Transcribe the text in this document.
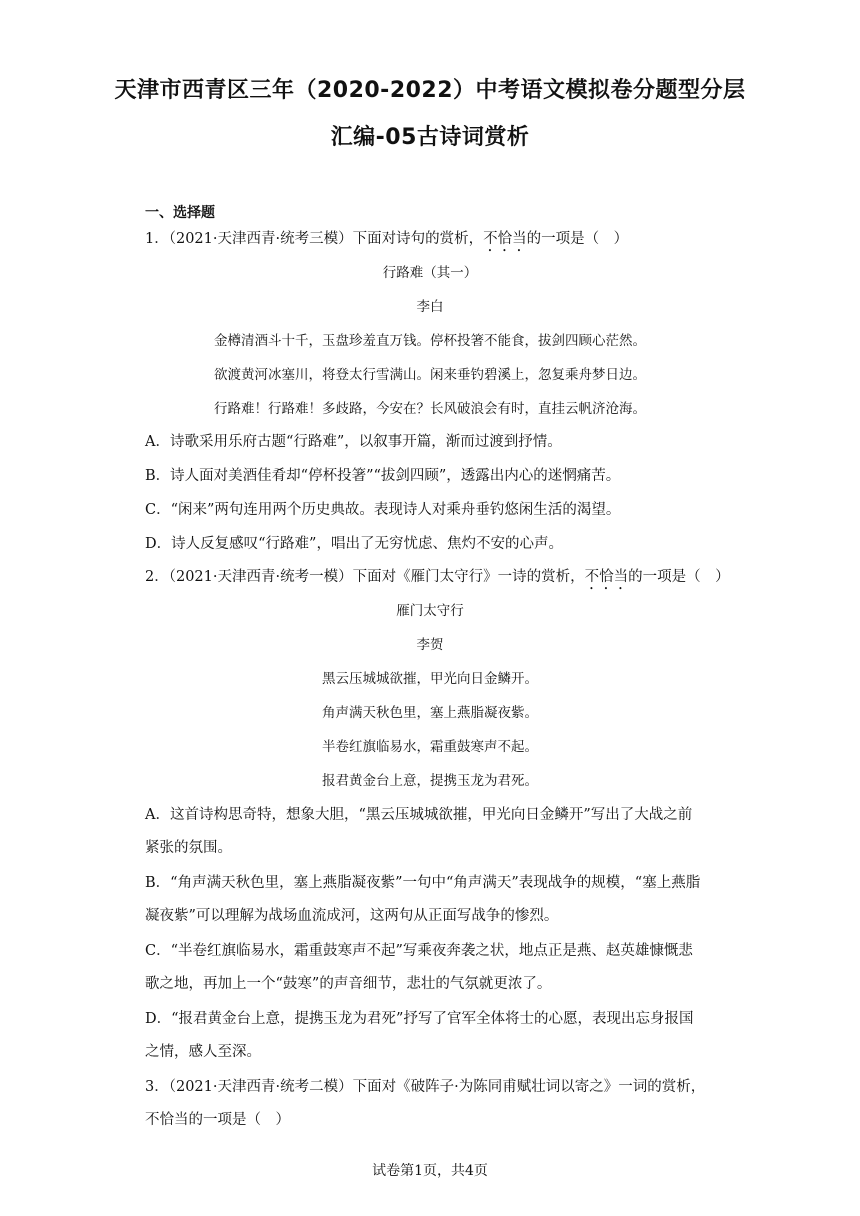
天津市西青区三年（2020-2022）中考语文模拟卷分题型分层
汇编-05古诗词赏析
一、选择题
1．（2021·天津西青·统考三模）下面对诗句的赏析，不恰当的一项是（　）
行路难（其一）
李白
金樽清酒斗十千，玉盘珍羞直万钱。停杯投箸不能食，拔剑四顾心茫然。
欲渡黄河冰塞川，将登太行雪满山。闲来垂钓碧溪上，忽复乘舟梦日边。
行路难！行路难！多歧路，今安在？长风破浪会有时，直挂云帆济沧海。
A．诗歌采用乐府古题“行路难”，以叙事开篇，渐而过渡到抒情。
B．诗人面对美酒佳肴却“停杯投箸”“拔剑四顾”，透露出内心的迷惘痛苦。
C．“闲来”两句连用两个历史典故。表现诗人对乘舟垂钓悠闲生活的渴望。
D．诗人反复感叹“行路难”，唱出了无穷忧虑、焦灼不安的心声。
2．（2021·天津西青·统考一模）下面对《雁门太守行》一诗的赏析，不恰当的一项是（　）
雁门太守行
李贺
黑云压城城欲摧，甲光向日金鳞开。
角声满天秋色里，塞上燕脂凝夜紫。
半卷红旗临易水，霜重鼓寒声不起。
报君黄金台上意，提携玉龙为君死。
A．这首诗构思奇特，想象大胆，“黑云压城城欲摧，甲光向日金鳞开”写出了大战之前
紧张的氛围。
B．“角声满天秋色里，塞上燕脂凝夜紫”一句中“角声满天”表现战争的规模，“塞上燕脂
凝夜紫”可以理解为战场血流成河，这两句从正面写战争的惨烈。
C．“半卷红旗临易水，霜重鼓寒声不起”写乘夜奔袭之状，地点正是燕、赵英雄慷慨悲
歌之地，再加上一个“鼓寒”的声音细节，悲壮的气氛就更浓了。
D．“报君黄金台上意，提携玉龙为君死”抒写了官军全体将士的心愿，表现出忘身报国
之情，感人至深。
3．（2021·天津西青·统考二模）下面对《破阵子·为陈同甫赋壮词以寄之》一词的赏析，
不恰当的一项是（　）
试卷第1页，共4页
